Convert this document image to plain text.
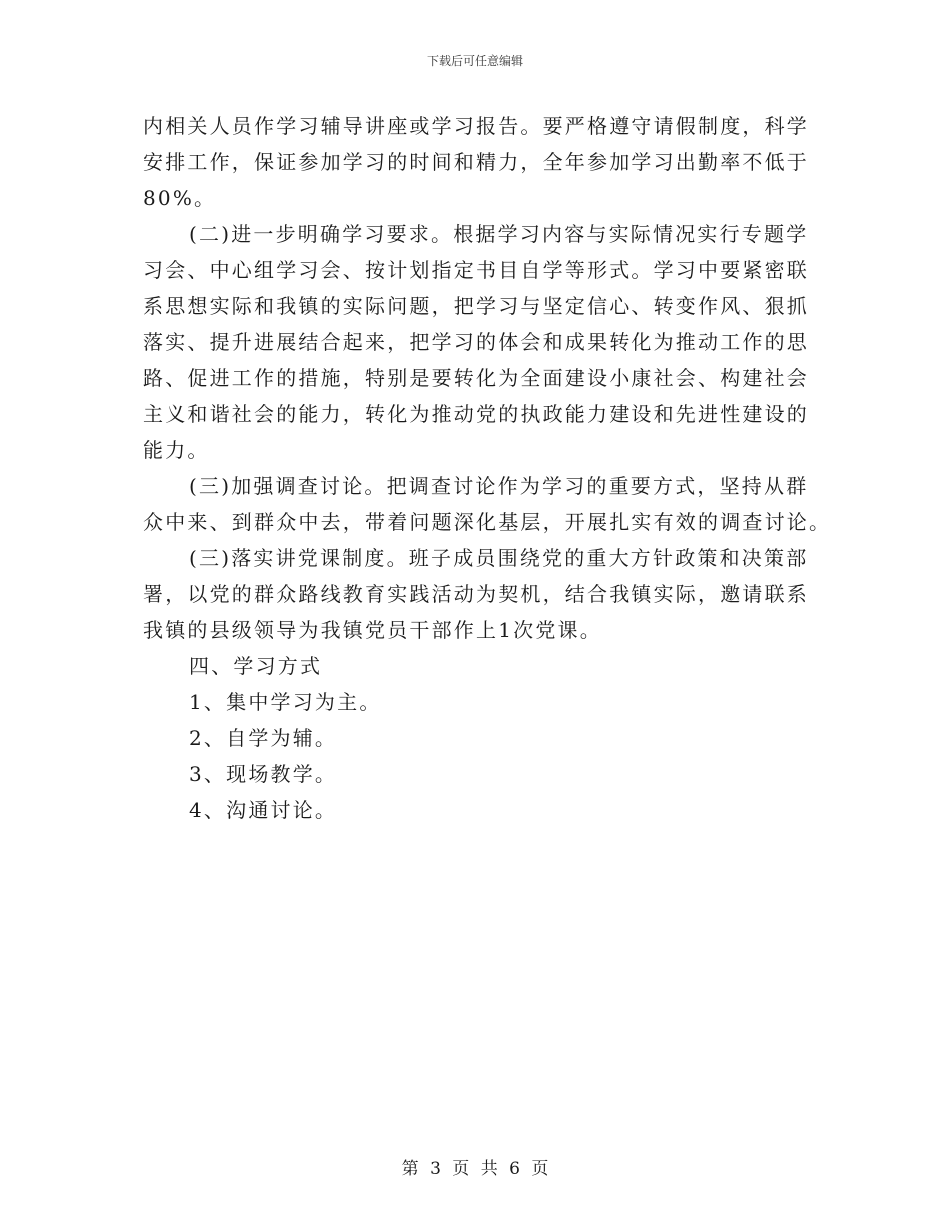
下载后可任意编辑
内相关人员作学习辅导讲座或学习报告。要严格遵守请假制度，科学
安排工作，保证参加学习的时间和精力，全年参加学习出勤率不低于
80%。
(二)进一步明确学习要求。根据学习内容与实际情况实行专题学
习会、中心组学习会、按计划指定书目自学等形式。学习中要紧密联
系思想实际和我镇的实际问题，把学习与坚定信心、转变作风、狠抓
落实、提升进展结合起来，把学习的体会和成果转化为推动工作的思
路、促进工作的措施，特别是要转化为全面建设小康社会、构建社会
主义和谐社会的能力，转化为推动党的执政能力建设和先进性建设的
能力。
(三)加强调查讨论。把调查讨论作为学习的重要方式，坚持从群
众中来、到群众中去，带着问题深化基层，开展扎实有效的调查讨论。
(三)落实讲党课制度。班子成员围绕党的重大方针政策和决策部
署，以党的群众路线教育实践活动为契机，结合我镇实际，邀请联系
我镇的县级领导为我镇党员干部作上1次党课。
四、学习方式
1、集中学习为主。
2、自学为辅。
3、现场教学。
4、沟通讨论。
第 3 页 共 6 页
